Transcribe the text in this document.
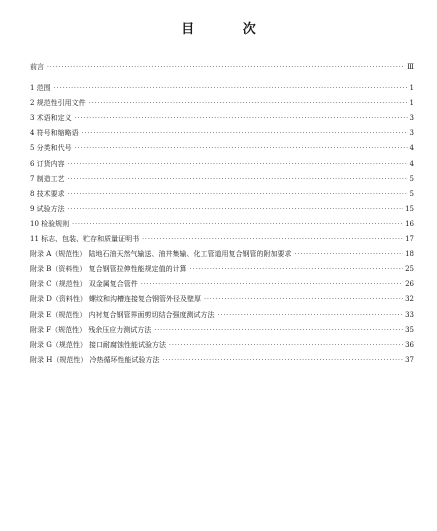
目 次
前言 ·····	Ⅲ
1 范围 ·····	1
2 规范性引用文件 ·····	1
3 术语和定义 ·····	3
4 符号和缩略语 ·····	3
5 分类和代号 ·····	4
6 订货内容 ·····	4
7 制造工艺 ·····	5
8 技术要求 ·····	5
9 试验方法 ·····	15
10 检验规则 ·····	16
11 标志、包装、贮存和质量证明书 ·····	17
附录 A（规范性） 陆地石油天然气输送、油井集输、化工管道用复合钢管的附加要求 ·····	18
附录 B（资料性） 复合钢管拉伸性能规定值的计算 ·····	25
附录 C（规范性） 双金属复合管件 ·····	26
附录 D（资料性） 螺纹和沟槽连接复合钢管外径及壁厚 ·····	32
附录 E（规范性） 内衬复合钢管界面剪切结合强度测试方法 ·····	33
附录 F（规范性） 残余压应力测试方法 ·····	35
附录 G（规范性） 接口耐腐蚀性能试验方法 ·····	36
附录 H（规范性） 冷热循环性能试验方法 ·····	37
